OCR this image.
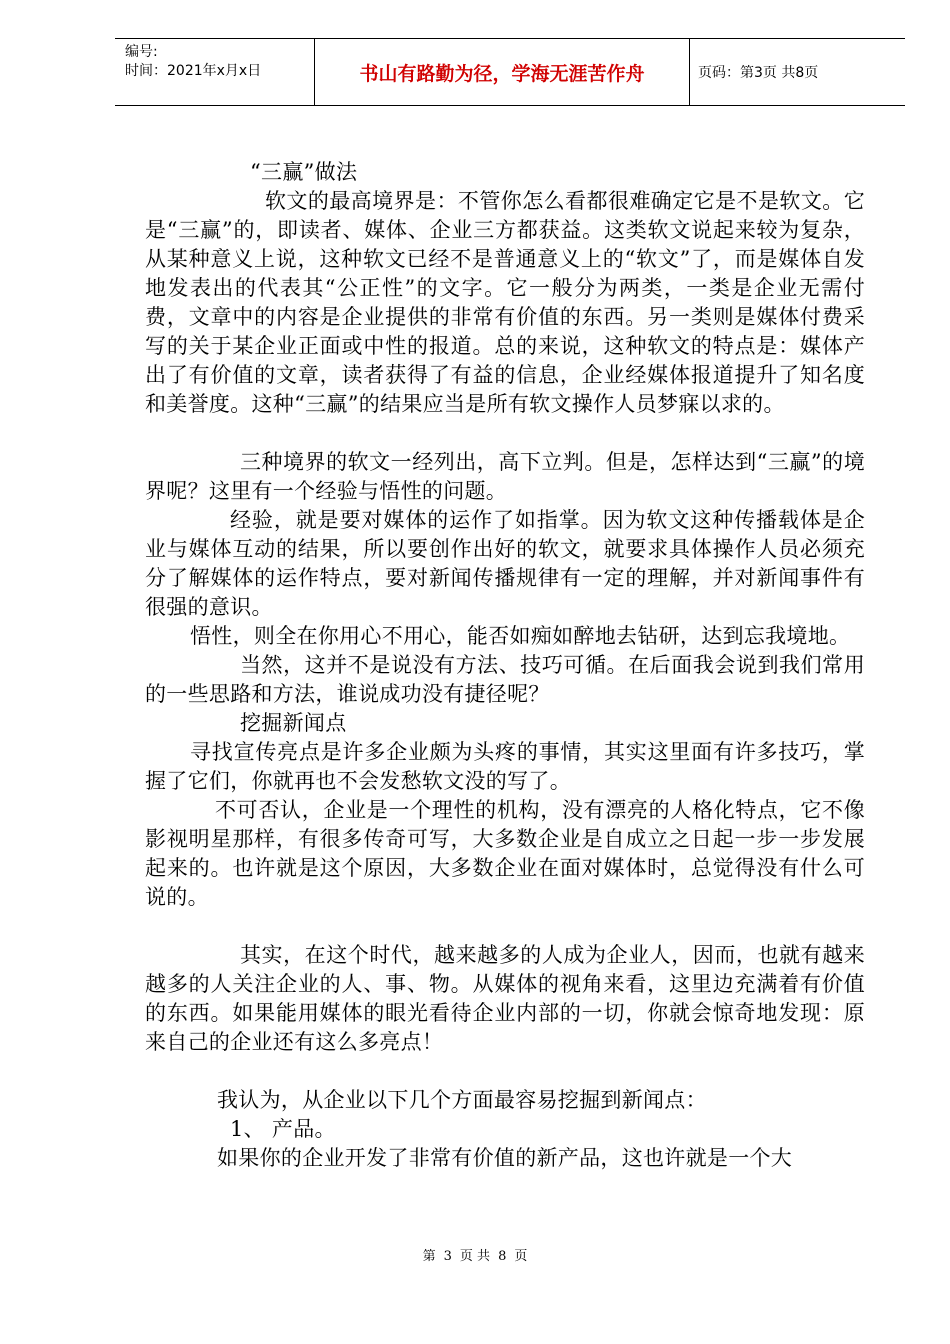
编号:
时间：2021年x月x日	书山有路勤为径，学海无涯苦作舟	页码：第3页 共8页

“三赢”做法

软文的最高境界是：不管你怎么看都很难确定它是不是软文。它是“三赢”的，即读者、媒体、企业三方都获益。这类软文说起来较为复杂，从某种意义上说，这种软文已经不是普通意义上的“软文”了，而是媒体自发地发表出的代表其“公正性”的文字。它一般分为两类，一类是企业无需付费，文章中的内容是企业提供的非常有价值的东西。另一类则是媒体付费采写的关于某企业正面或中性的报道。总的来说，这种软文的特点是：媒体产出了有价值的文章，读者获得了有益的信息，企业经媒体报道提升了知名度和美誉度。这种“三赢”的结果应当是所有软文操作人员梦寐以求的。

三种境界的软文一经列出，高下立判。但是，怎样达到“三赢”的境界呢？这里有一个经验与悟性的问题。

经验，就是要对媒体的运作了如指掌。因为软文这种传播载体是企业与媒体互动的结果，所以要创作出好的软文，就要求具体操作人员必须充分了解媒体的运作特点，要对新闻传播规律有一定的理解，并对新闻事件有很强的意识。

悟性，则全在你用心不用心，能否如痴如醉地去钻研，达到忘我境地。

当然，这并不是说没有方法、技巧可循。在后面我会说到我们常用的一些思路和方法，谁说成功没有捷径呢？

挖掘新闻点

寻找宣传亮点是许多企业颇为头疼的事情，其实这里面有许多技巧，掌握了它们，你就再也不会发愁软文没的写了。

不可否认，企业是一个理性的机构，没有漂亮的人格化特点，它不像影视明星那样，有很多传奇可写，大多数企业是自成立之日起一步一步发展起来的。也许就是这个原因，大多数企业在面对媒体时，总觉得没有什么可说的。

其实，在这个时代，越来越多的人成为企业人，因而，也就有越来越多的人关注企业的人、事、物。从媒体的视角来看，这里边充满着有价值的东西。如果能用媒体的眼光看待企业内部的一切，你就会惊奇地发现：原来自己的企业还有这么多亮点！

我认为，从企业以下几个方面最容易挖掘到新闻点：

1、 产品。

如果你的企业开发了非常有价值的新产品，这也许就是一个大

第 3 页 共 8 页
